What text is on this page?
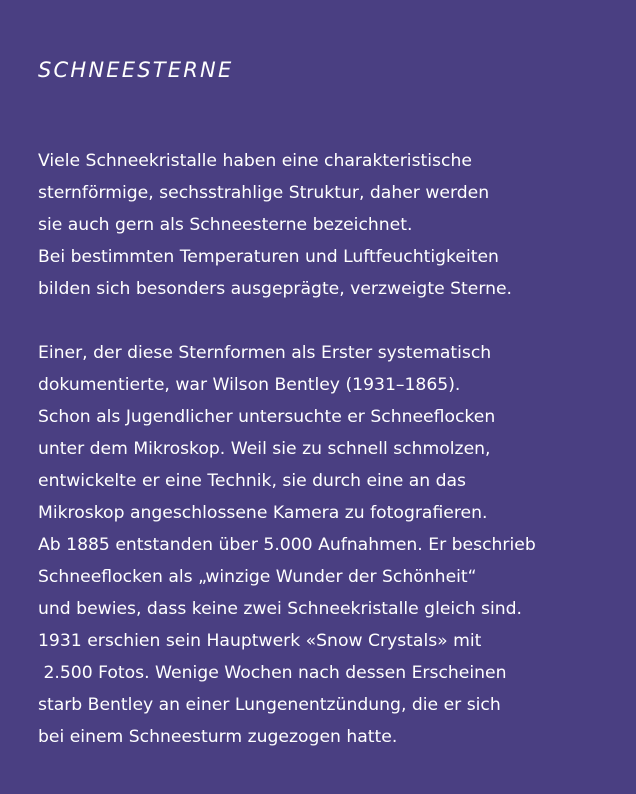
SCHNEESTERNE

Viele Schneekristalle haben eine charakteristische
sternförmige, sechsstrahlige Struktur, daher werden
sie auch gern als Schneesterne bezeichnet.
Bei bestimmten Temperaturen und Luftfeuchtigkeiten
bilden sich besonders ausgeprägte, verzweigte Sterne.

Einer, der diese Sternformen als Erster systematisch
dokumentierte, war Wilson Bentley (1931–1865).
Schon als Jugendlicher untersuchte er Schneeflocken
unter dem Mikroskop. Weil sie zu schnell schmolzen,
entwickelte er eine Technik, sie durch eine an das
Mikroskop angeschlossene Kamera zu fotografieren.
Ab 1885 entstanden über 5.000 Aufnahmen. Er beschrieb
Schneeflocken als „winzige Wunder der Schönheit“
und bewies, dass keine zwei Schneekristalle gleich sind.
1931 erschien sein Hauptwerk «Snow Crystals» mit
2.500 Fotos. Wenige Wochen nach dessen Erscheinen
starb Bentley an einer Lungenentzündung, die er sich
bei einem Schneesturm zugezogen hatte.
